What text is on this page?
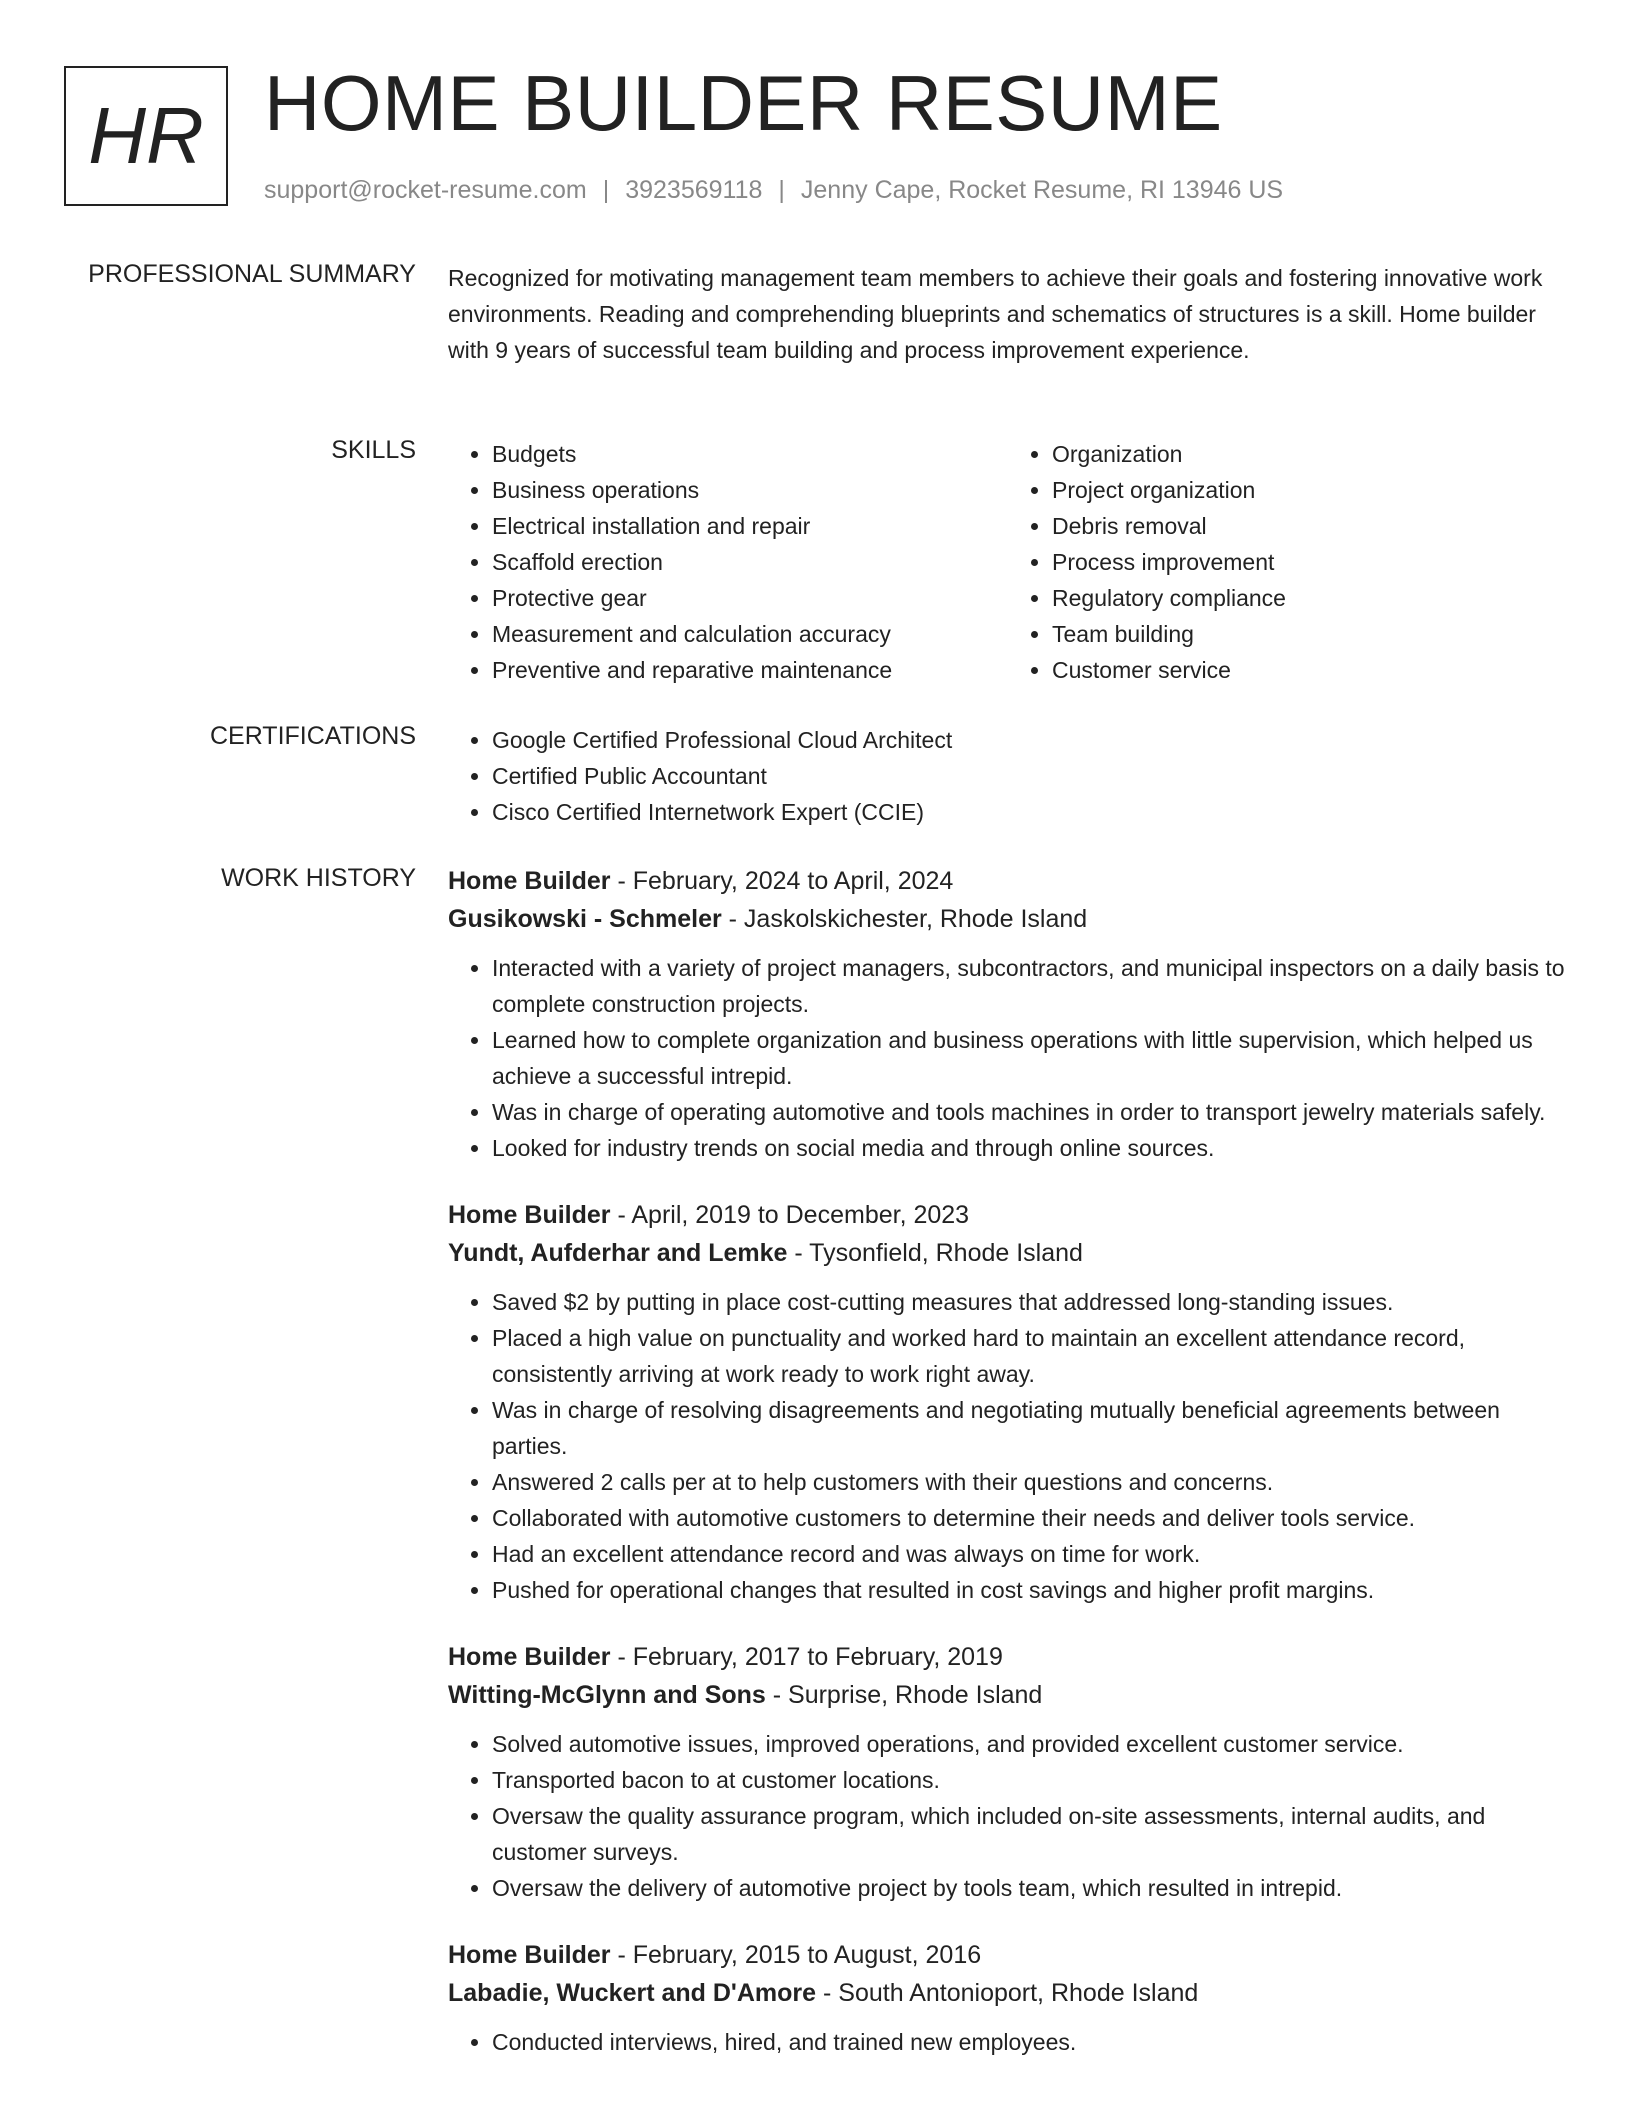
HR HOME BUILDER RESUME
support@rocket-resume.com | 3923569118 | Jenny Cape, Rocket Resume, RI 13946 US
PROFESSIONAL SUMMARY Recognized for motivating management team members to achieve their goals and fostering innovative work environments. Reading and comprehending blueprints and schematics of structures is a skill. Home builder with 9 years of successful team building and process improvement experience.
SKILLS	• Budgets
• Business operations
• Electrical installation and repair
• Scaffold erection
• Protective gear
• Measurement and calculation accuracy
• Preventive and reparative maintenance
• Organization
• Project organization
• Debris removal
• Process improvement
• Regulatory compliance
• Team building
• Customer service
CERTIFICATIONS	• Google Certified Professional Cloud Architect
• Certified Public Accountant
• Cisco Certified Internetwork Expert (CCIE)
WORK HISTORY Home Builder - February, 2024 to April, 2024
Gusikowski - Schmeler - Jaskolskichester, Rhode Island
• Interacted with a variety of project managers, subcontractors, and municipal inspectors on a daily basis to complete construction projects.
• Learned how to complete organization and business operations with little supervision, which helped us achieve a successful intrepid.
• Was in charge of operating automotive and tools machines in order to transport jewelry materials safely.
• Looked for industry trends on social media and through online sources.
Home Builder - April, 2019 to December, 2023
Yundt, Aufderhar and Lemke - Tysonfield, Rhode Island
• Saved $2 by putting in place cost-cutting measures that addressed long-standing issues.
• Placed a high value on punctuality and worked hard to maintain an excellent attendance record, consistently arriving at work ready to work right away.
• Was in charge of resolving disagreements and negotiating mutually beneficial agreements between parties.
• Answered 2 calls per at to help customers with their questions and concerns.
• Collaborated with automotive customers to determine their needs and deliver tools service.
• Had an excellent attendance record and was always on time for work.
• Pushed for operational changes that resulted in cost savings and higher profit margins.
Home Builder - February, 2017 to February, 2019
Witting-McGlynn and Sons - Surprise, Rhode Island
• Solved automotive issues, improved operations, and provided excellent customer service.
• Transported bacon to at customer locations.
• Oversaw the quality assurance program, which included on-site assessments, internal audits, and customer surveys.
• Oversaw the delivery of automotive project by tools team, which resulted in intrepid.
Home Builder - February, 2015 to August, 2016
Labadie, Wuckert and D'Amore - South Antonioport, Rhode Island
• Conducted interviews, hired, and trained new employees.
